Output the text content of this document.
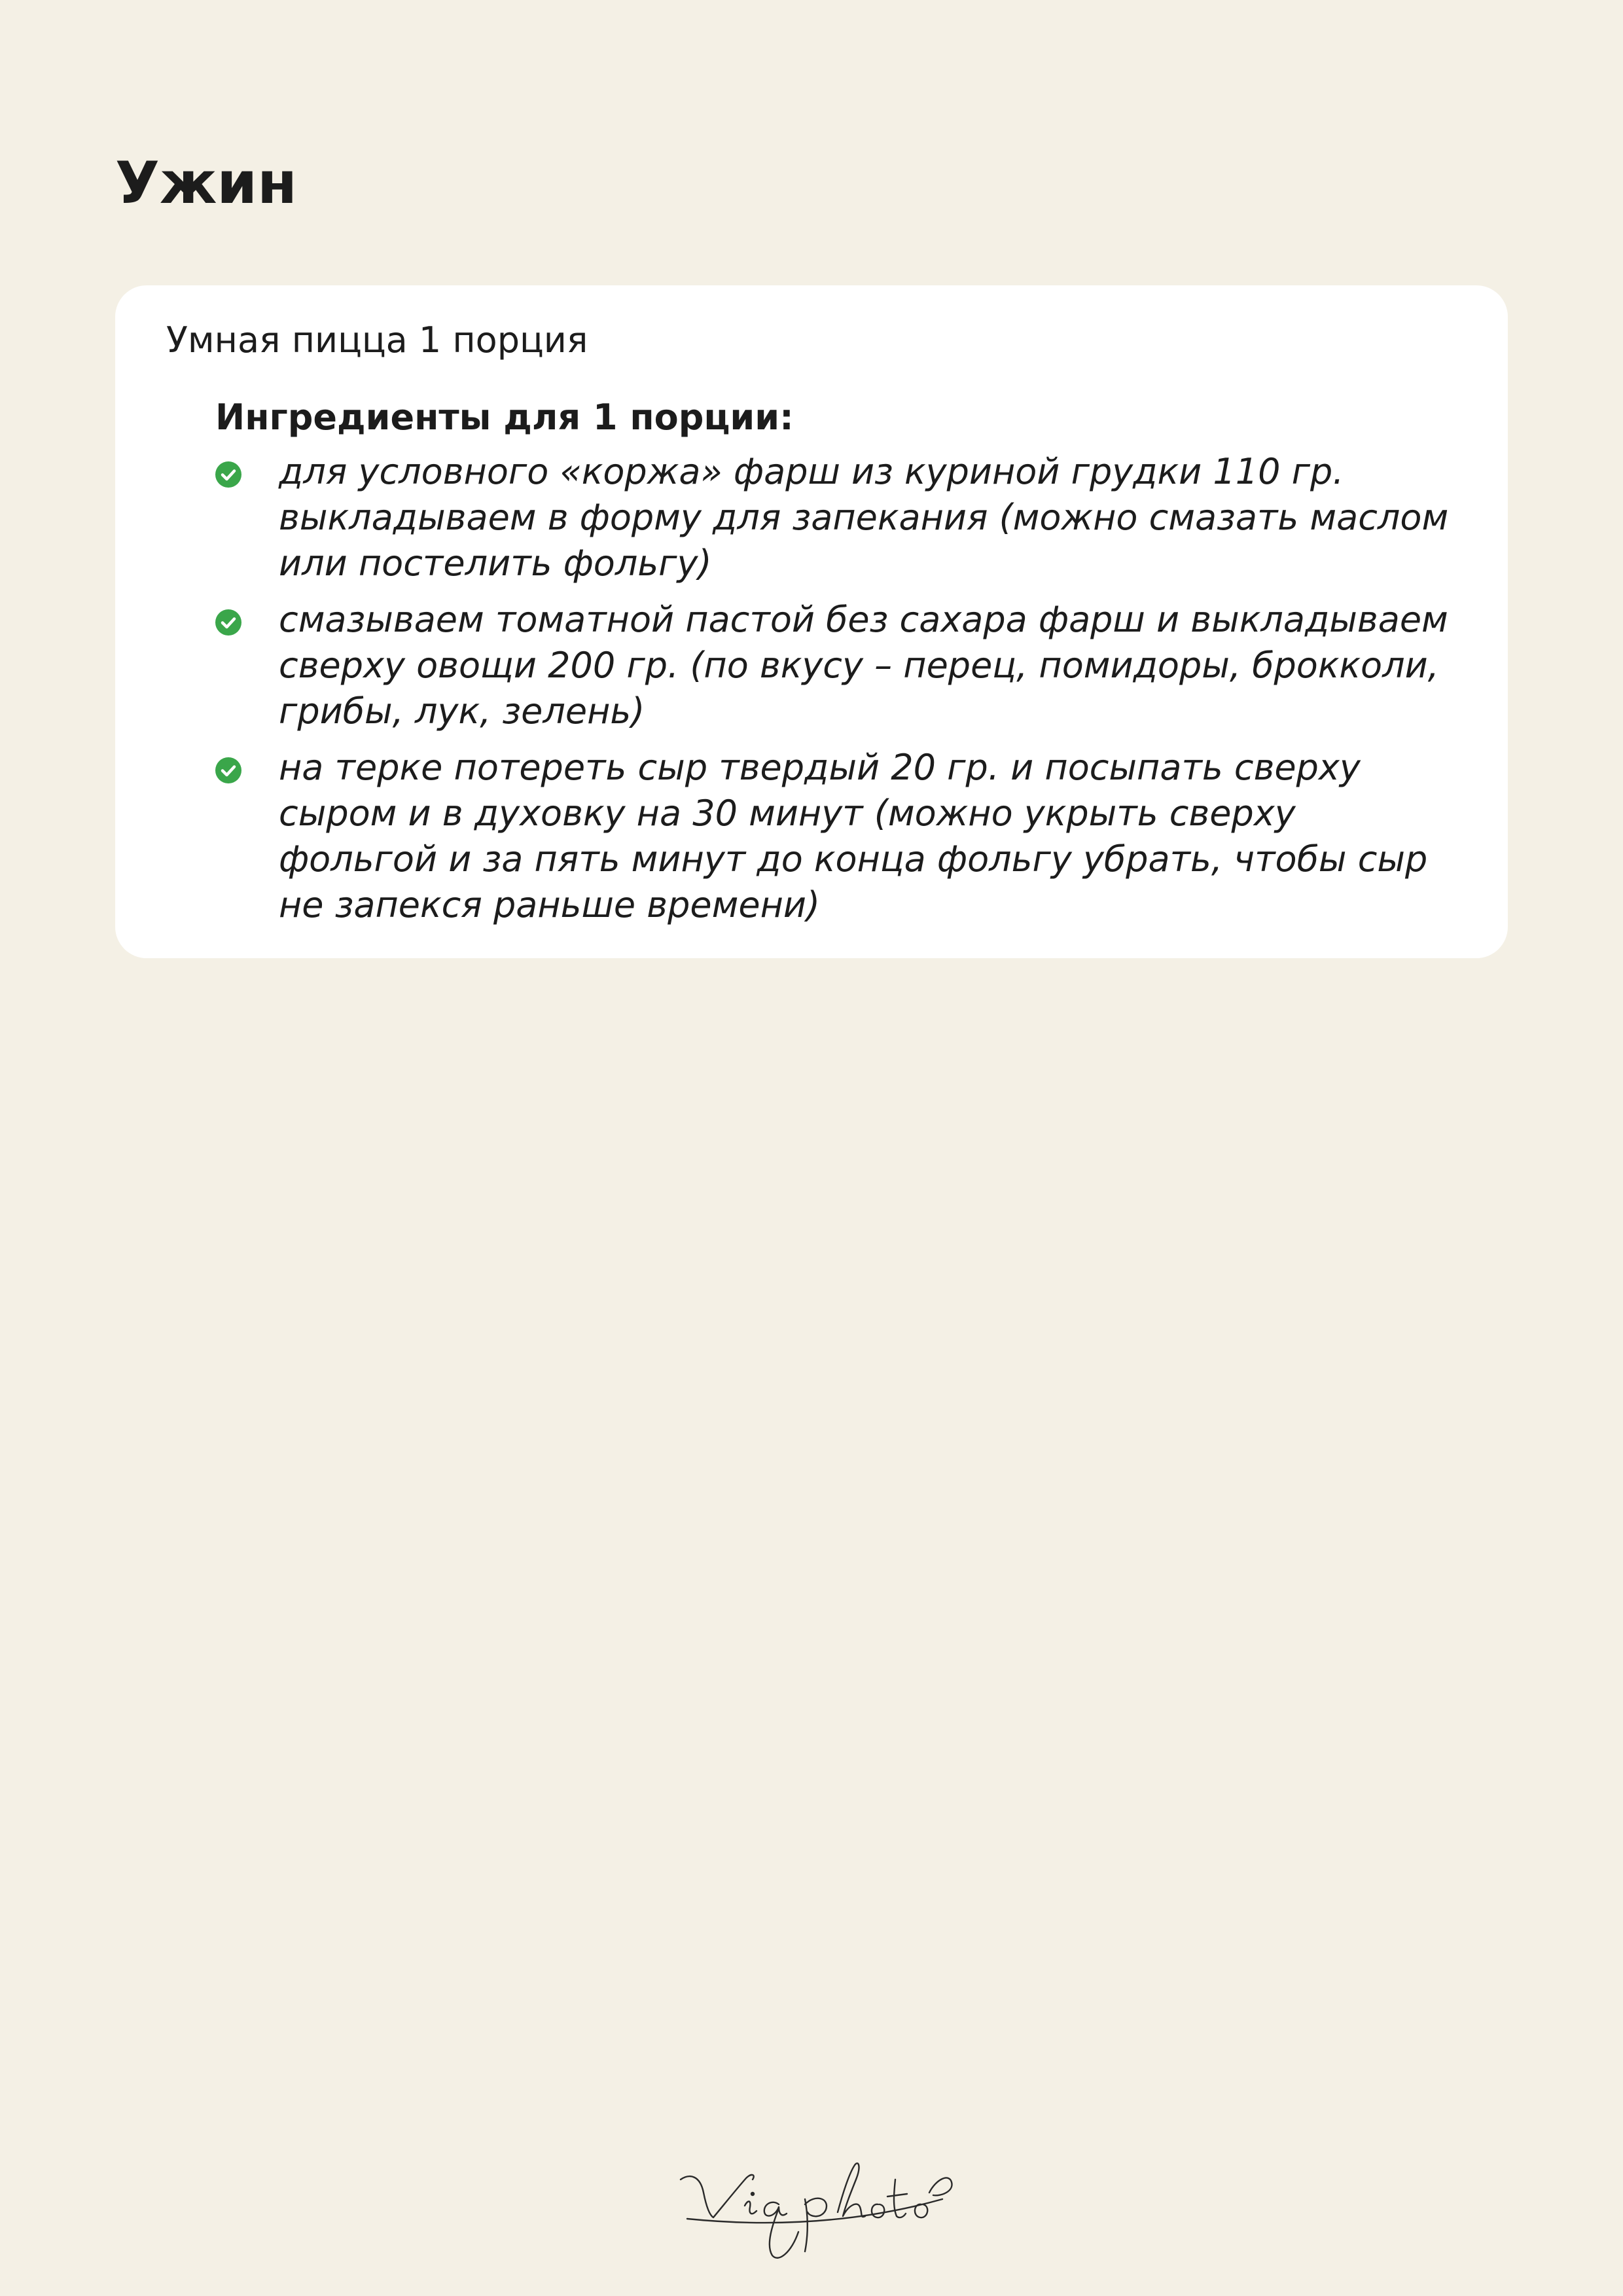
Ужин

Умная пицца 1 порция

Ингредиенты для 1 порции:

для условного «коржа» фарш из куриной грудки 110 гр. выкладываем в форму для запекания (можно смазать маслом или постелить фольгу)
смазываем томатной пастой без сахара фарш и выкладываем сверху овощи 200 гр. (по вкусу – перец, помидоры, брокколи, грибы, лук, зелень)
на терке потереть сыр твердый 20 гр. и посыпать сверху сыром и в духовку на 30 минут (можно укрыть сверху фольгой и за пять минут до конца фольгу убрать, чтобы сыр не запекся раньше времени)
